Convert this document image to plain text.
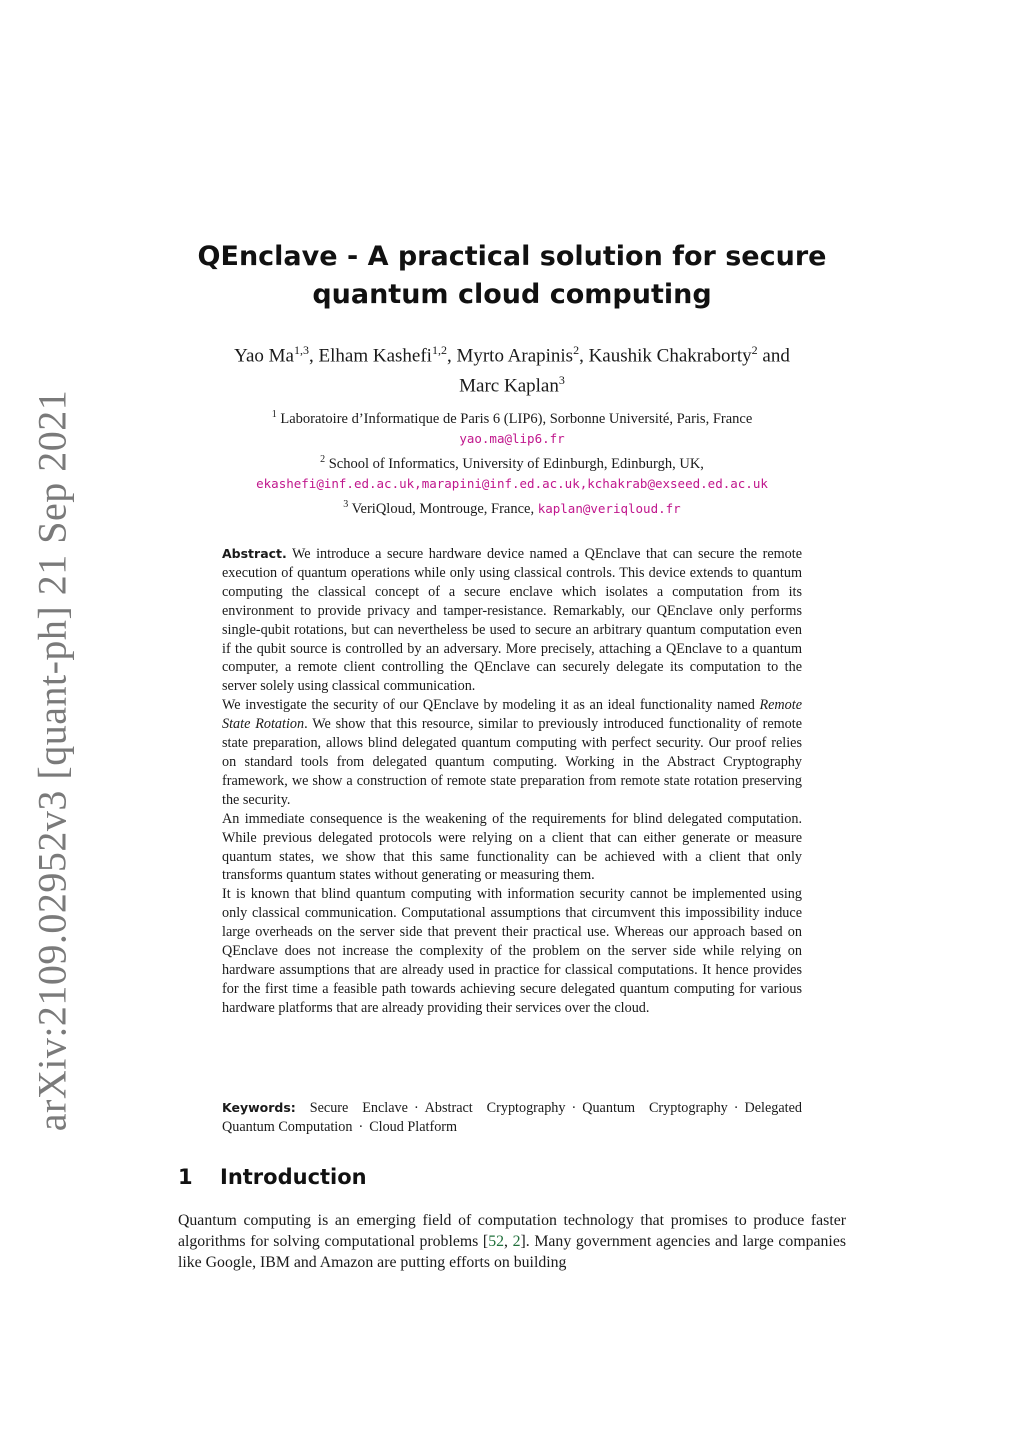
arXiv:2109.02952v3 [quant-ph] 21 Sep 2021
QEnclave - A practical solution for secure
quantum cloud computing
Yao Ma$^{1,3}$, Elham Kashefi$^{1,2}$, Myrto Arapinis$^2$, Kaushik Chakraborty$^2$ and
Marc Kaplan$^3$
$^1$ Laboratoire d’Informatique de Paris 6 (LIP6), Sorbonne Université, Paris, France
yao.ma@lip6.fr
$^2$ School of Informatics, University of Edinburgh, Edinburgh, UK,
ekashefi@inf.ed.ac.uk,marapini@inf.ed.ac.uk,kchakrab@exseed.ed.ac.uk
$^3$ VeriQloud, Montrouge, France, kaplan@veriqloud.fr

Abstract. We introduce a secure hardware device named a QEnclave that can secure the remote execution of quantum operations while only using classical controls. This device extends to quantum computing the classical concept of a secure enclave which isolates a computation from its environment to provide privacy and tamper-resistance. Remarkably, our QEnclave only performs single-qubit rotations, but can nevertheless be used to secure an arbitrary quantum computation even if the qubit source is controlled by an adversary. More precisely, attaching a QEnclave to a quantum computer, a remote client controlling the QEnclave can securely delegate its computation to the server solely using classical communication.

We investigate the security of our QEnclave by modeling it as an ideal functionality named Remote State Rotation. We show that this resource, similar to previously introduced functionality of remote state preparation, allows blind delegated quantum computing with perfect security. Our proof relies on standard tools from delegated quantum computing. Working in the Abstract Cryptography framework, we show a construction of remote state preparation from remote state rotation preserving the security.

An immediate consequence is the weakening of the requirements for blind delegated computation. While previous delegated protocols were relying on a client that can either generate or measure quantum states, we show that this same functionality can be achieved with a client that only transforms quantum states without generating or measuring them.

It is known that blind quantum computing with information security cannot be implemented using only classical communication. Computational assumptions that circumvent this impossibility induce large overheads on the server side that prevent their practical use. Whereas our approach based on QEnclave does not increase the complexity of the problem on the server side while relying on hardware assumptions that are already used in practice for classical computations. It hence provides for the first time a feasible path towards achieving secure delegated quantum computing for various hardware platforms that are already providing their services over the cloud.

Keywords: Secure Enclave · Abstract Cryptography · Quantum Cryptography · Delegated Quantum Computation · Cloud Platform
1 Introduction

Quantum computing is an emerging field of computation technology that promises to produce faster algorithms for solving computational problems [52, 2]. Many government agencies and large companies like Google, IBM and Amazon are putting efforts on building
